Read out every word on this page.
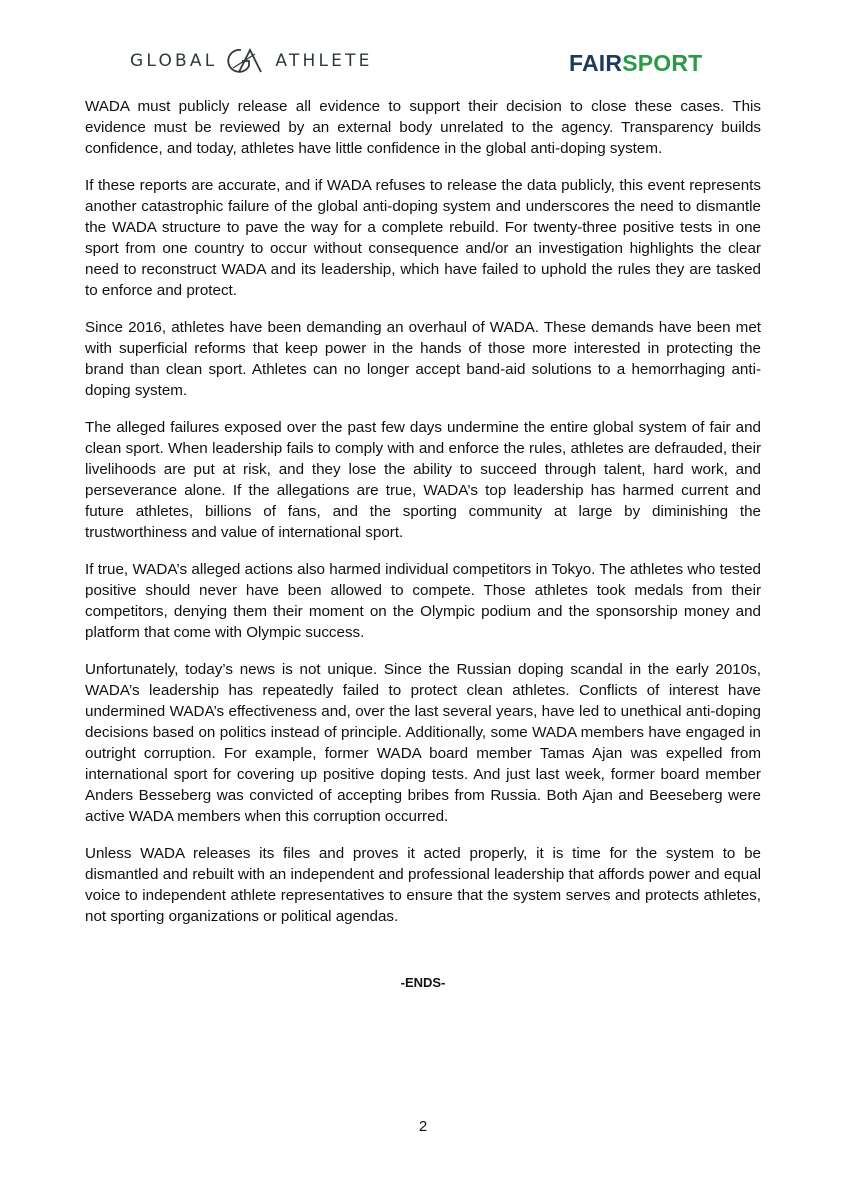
GLOBAL	ATHLETE	FAIRSPORT

WADA must publicly release all evidence to support their decision to close these cases. This evidence must be reviewed by an external body unrelated to the agency. Transparency builds confidence, and today, athletes have little confidence in the global anti-doping system.

If these reports are accurate, and if WADA refuses to release the data publicly, this event represents another catastrophic failure of the global anti-doping system and underscores the need to dismantle the WADA structure to pave the way for a complete rebuild. For twenty-three positive tests in one sport from one country to occur without consequence and/or an investigation highlights the clear need to reconstruct WADA and its leadership, which have failed to uphold the rules they are tasked to enforce and protect.

Since 2016, athletes have been demanding an overhaul of WADA. These demands have been met with superficial reforms that keep power in the hands of those more interested in protecting the brand than clean sport. Athletes can no longer accept band-aid solutions to a hemorrhaging anti-doping system.

The alleged failures exposed over the past few days undermine the entire global system of fair and clean sport. When leadership fails to comply with and enforce the rules, athletes are defrauded, their livelihoods are put at risk, and they lose the ability to succeed through talent, hard work, and perseverance alone. If the allegations are true, WADA’s top leadership has harmed current and future athletes, billions of fans, and the sporting community at large by diminishing the trustworthiness and value of international sport.

If true, WADA’s alleged actions also harmed individual competitors in Tokyo. The athletes who tested positive should never have been allowed to compete. Those athletes took medals from their competitors, denying them their moment on the Olympic podium and the sponsorship money and platform that come with Olympic success.

Unfortunately, today’s news is not unique. Since the Russian doping scandal in the early 2010s, WADA’s leadership has repeatedly failed to protect clean athletes. Conflicts of interest have undermined WADA’s effectiveness and, over the last several years, have led to unethical anti-doping decisions based on politics instead of principle. Additionally, some WADA members have engaged in outright corruption. For example, former WADA board member Tamas Ajan was expelled from international sport for covering up positive doping tests. And just last week, former board member Anders Besseberg was convicted of accepting bribes from Russia. Both Ajan and Beeseberg were active WADA members when this corruption occurred.

Unless WADA releases its files and proves it acted properly, it is time for the system to be dismantled and rebuilt with an independent and professional leadership that affords power and equal voice to independent athlete representatives to ensure that the system serves and protects athletes, not sporting organizations or political agendas.

-ENDS-
2
